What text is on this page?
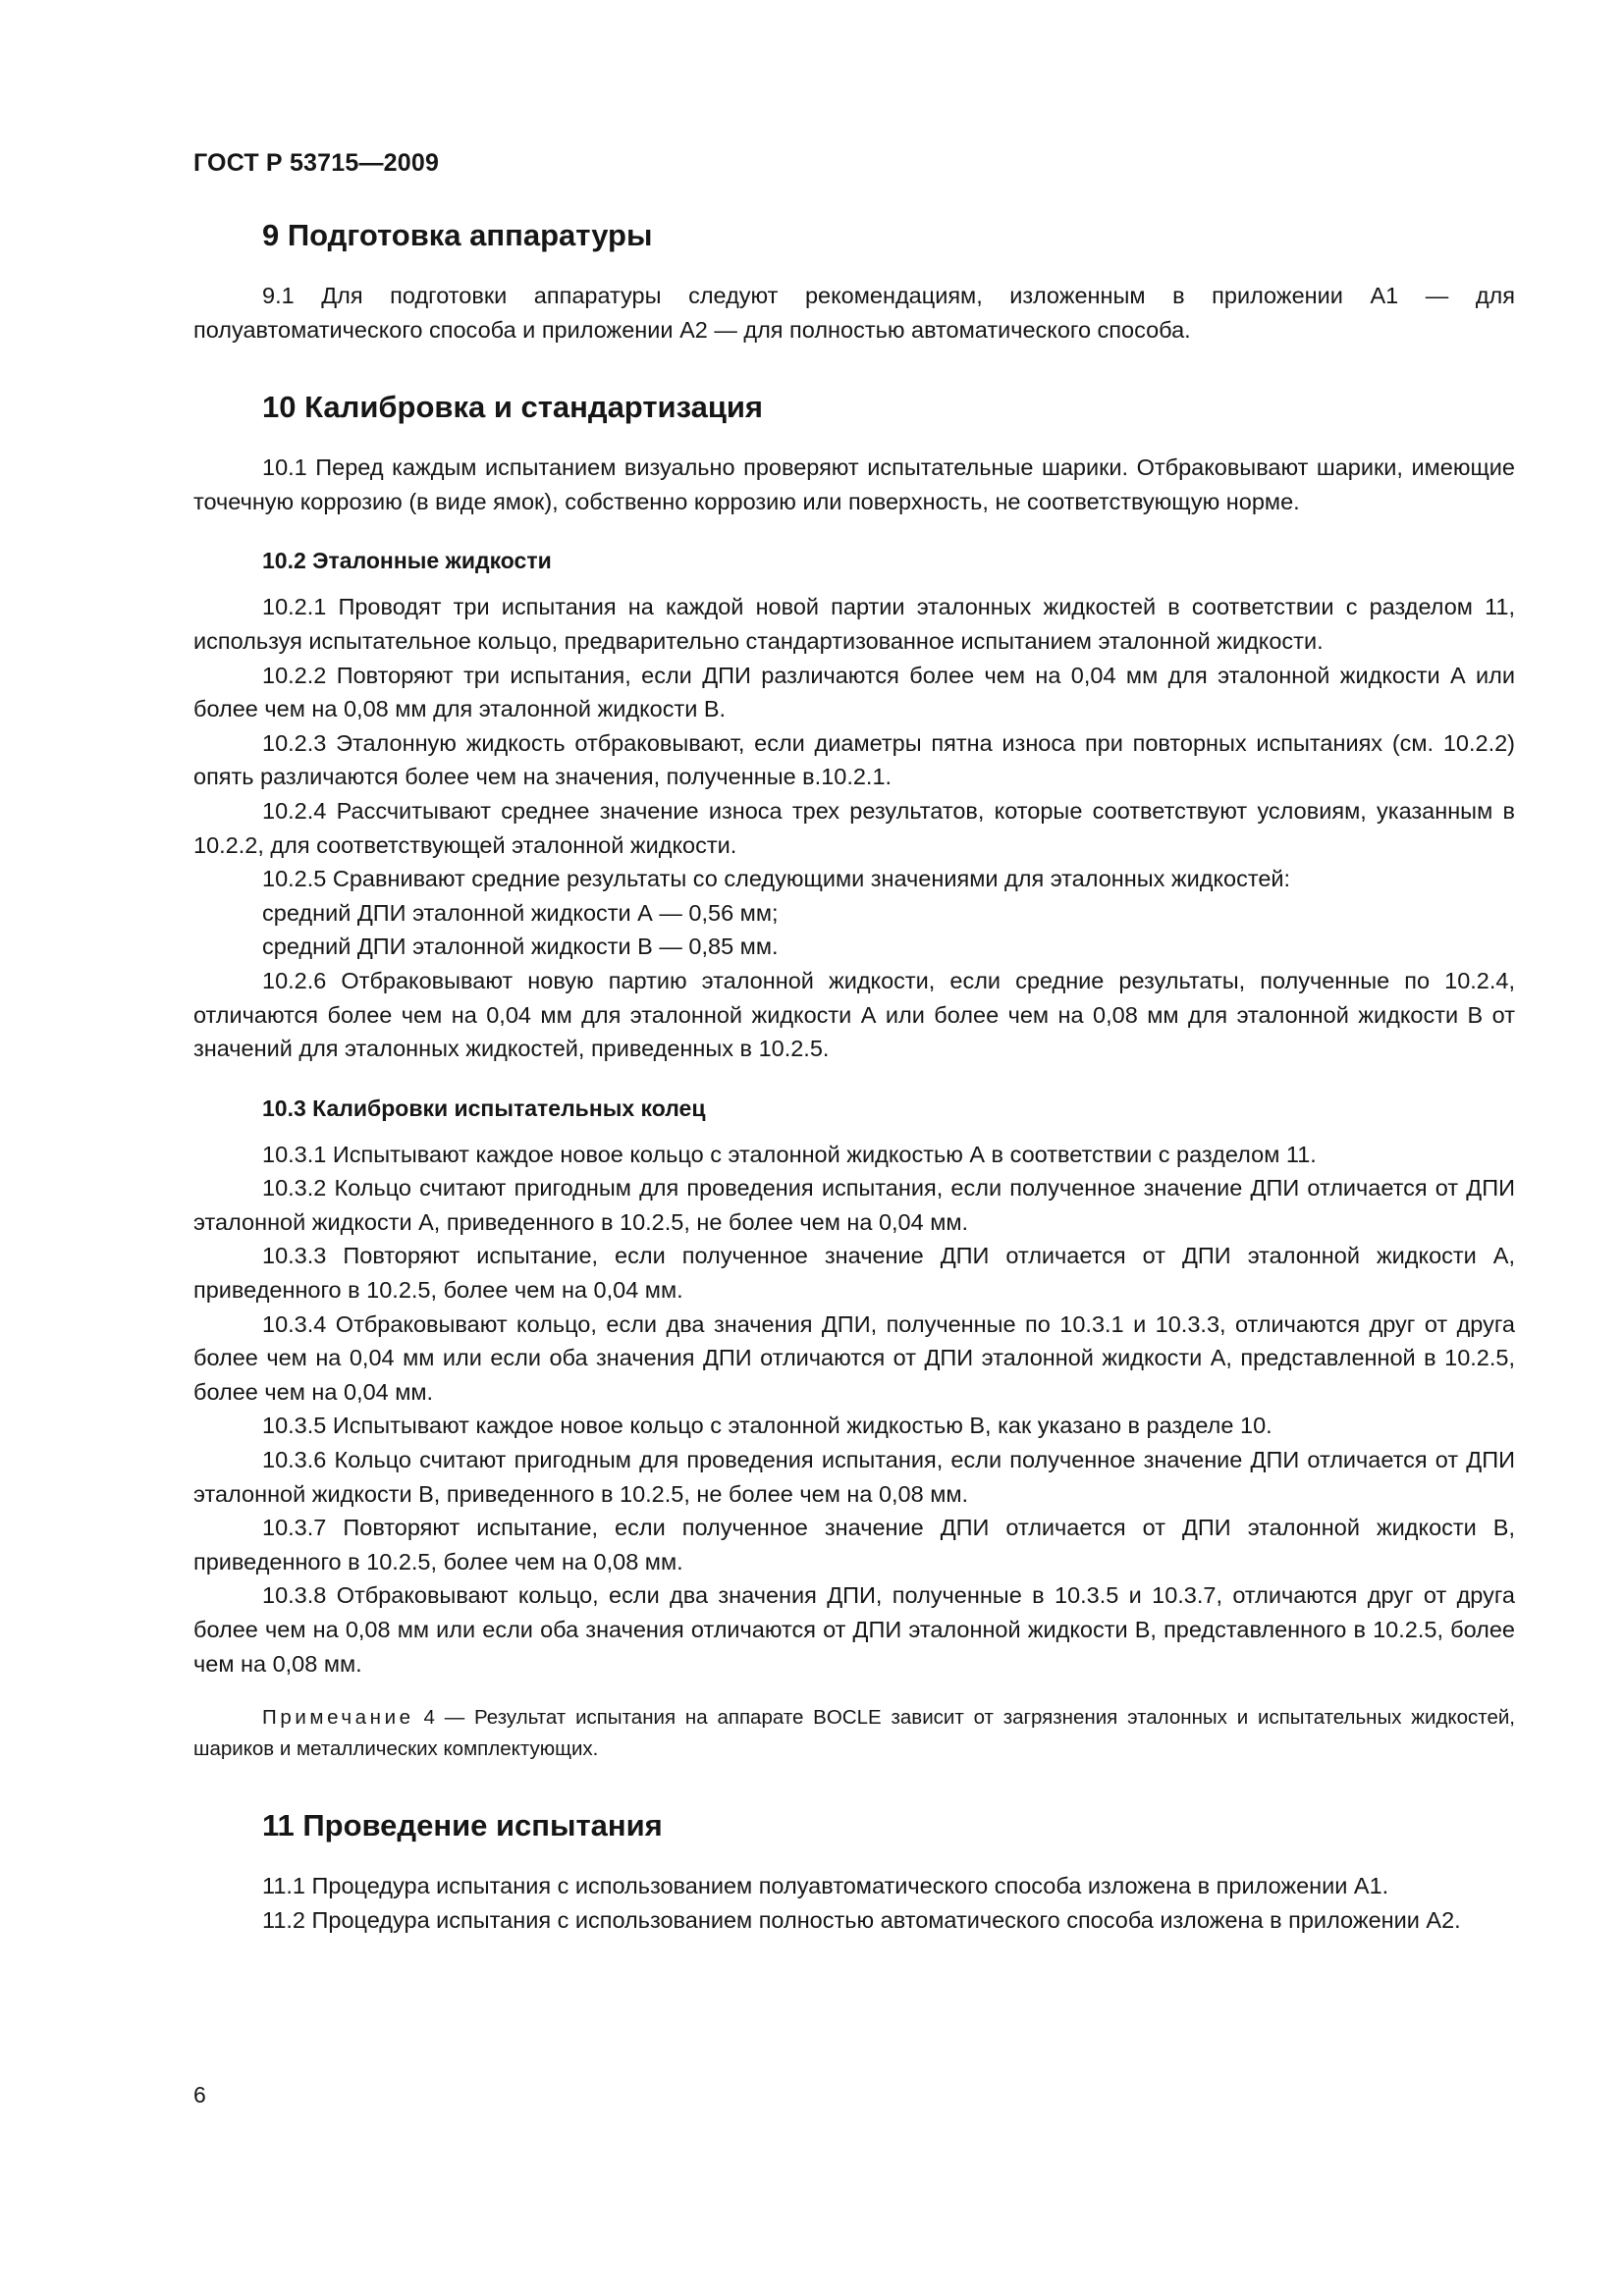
ГОСТ Р 53715—2009
9 Подготовка аппаратуры

9.1 Для подготовки аппаратуры следуют рекомендациям, изложенным в приложении А1 — для полуавтоматического способа и приложении А2 — для полностью автоматического способа.

10 Калибровка и стандартизация

10.1 Перед каждым испытанием визуально проверяют испытательные шарики. Отбраковывают шарики, имеющие точечную коррозию (в виде ямок), собственно коррозию или поверхность, не соответствующую норме.

10.2 Эталонные жидкости

10.2.1 Проводят три испытания на каждой новой партии эталонных жидкостей в соответствии с разделом 11, используя испытательное кольцо, предварительно стандартизованное испытанием эталонной жидкости.

10.2.2 Повторяют три испытания, если ДПИ различаются более чем на 0,04 мм для эталонной жидкости А или более чем на 0,08 мм для эталонной жидкости В.

10.2.3 Эталонную жидкость отбраковывают, если диаметры пятна износа при повторных испытаниях (см. 10.2.2) опять различаются более чем на значения, полученные в.10.2.1.

10.2.4 Рассчитывают среднее значение износа трех результатов, которые соответствуют условиям, указанным в 10.2.2, для соответствующей эталонной жидкости.

10.2.5 Сравнивают средние результаты со следующими значениями для эталонных жидкостей:

средний ДПИ эталонной жидкости А — 0,56 мм;

средний ДПИ эталонной жидкости В — 0,85 мм.

10.2.6 Отбраковывают новую партию эталонной жидкости, если средние результаты, полученные по 10.2.4, отличаются более чем на 0,04 мм для эталонной жидкости А или более чем на 0,08 мм для эталонной жидкости В от значений для эталонных жидкостей, приведенных в 10.2.5.

10.3 Калибровки испытательных колец

10.3.1 Испытывают каждое новое кольцо с эталонной жидкостью А в соответствии с разделом 11.

10.3.2 Кольцо считают пригодным для проведения испытания, если полученное значение ДПИ отличается от ДПИ эталонной жидкости А, приведенного в 10.2.5, не более чем на 0,04 мм.

10.3.3 Повторяют испытание, если полученное значение ДПИ отличается от ДПИ эталонной жидкости А, приведенного в 10.2.5, более чем на 0,04 мм.

10.3.4 Отбраковывают кольцо, если два значения ДПИ, полученные по 10.3.1 и 10.3.3, отличаются друг от друга более чем на 0,04 мм или если оба значения ДПИ отличаются от ДПИ эталонной жидкости А, представленной в 10.2.5, более чем на 0,04 мм.

10.3.5 Испытывают каждое новое кольцо с эталонной жидкостью В, как указано в разделе 10.

10.3.6 Кольцо считают пригодным для проведения испытания, если полученное значение ДПИ отличается от ДПИ эталонной жидкости В, приведенного в 10.2.5, не более чем на 0,08 мм.

10.3.7 Повторяют испытание, если полученное значение ДПИ отличается от ДПИ эталонной жидкости В, приведенного в 10.2.5, более чем на 0,08 мм.

10.3.8 Отбраковывают кольцо, если два значения ДПИ, полученные в 10.3.5 и 10.3.7, отличаются друг от друга более чем на 0,08 мм или если оба значения отличаются от ДПИ эталонной жидкости В, представленного в 10.2.5, более чем на 0,08 мм.

Примечание 4 — Результат испытания на аппарате BOCLE зависит от загрязнения эталонных и испытательных жидкостей, шариков и металлических комплектующих.

11 Проведение испытания

11.1 Процедура испытания с использованием полуавтоматического способа изложена в приложении А1.

11.2 Процедура испытания с использованием полностью автоматического способа изложена в приложении А2.

6
